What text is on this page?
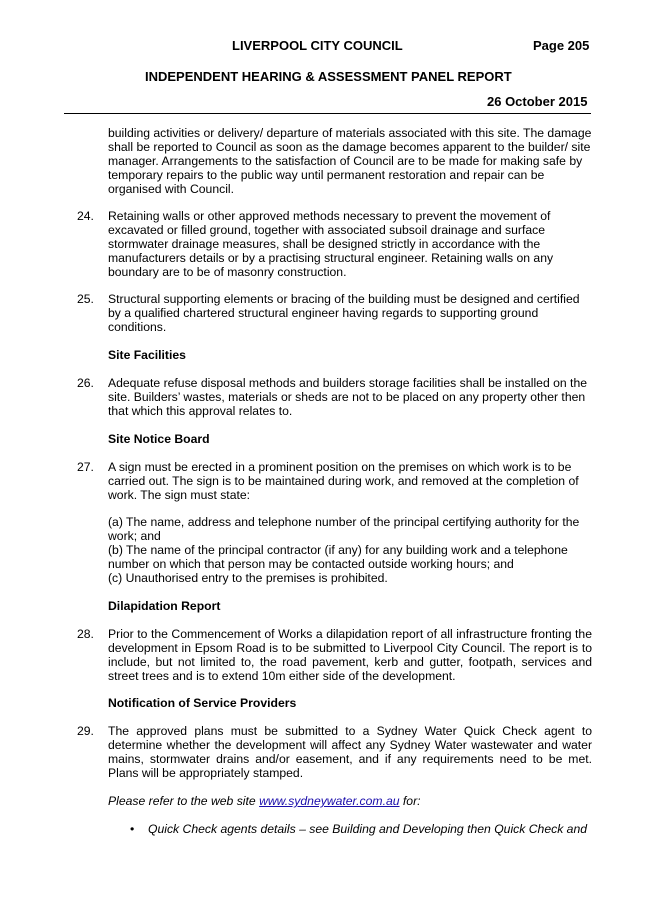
LIVERPOOL CITY COUNCIL	Page 205
INDEPENDENT HEARING & ASSESSMENT PANEL REPORT
26 October 2015
building activities or delivery/ departure of materials associated with this site. The damage shall be reported to Council as soon as the damage becomes apparent to the builder/ site manager. Arrangements to the satisfaction of Council are to be made for making safe by temporary repairs to the public way until permanent restoration and repair can be organised with Council.
24. Retaining walls or other approved methods necessary to prevent the movement of excavated or filled ground, together with associated subsoil drainage and surface stormwater drainage measures, shall be designed strictly in accordance with the manufacturers details or by a practising structural engineer. Retaining walls on any boundary are to be of masonry construction.
25. Structural supporting elements or bracing of the building must be designed and certified by a qualified chartered structural engineer having regards to supporting ground conditions.
Site Facilities
26. Adequate refuse disposal methods and builders storage facilities shall be installed on the site. Builders’ wastes, materials or sheds are not to be placed on any property other then that which this approval relates to.
Site Notice Board
27. A sign must be erected in a prominent position on the premises on which work is to be carried out. The sign is to be maintained during work, and removed at the completion of work. The sign must state:
(a) The name, address and telephone number of the principal certifying authority for the work; and
(b) The name of the principal contractor (if any) for any building work and a telephone number on which that person may be contacted outside working hours; and
(c) Unauthorised entry to the premises is prohibited.
Dilapidation Report
28. Prior to the Commencement of Works a dilapidation report of all infrastructure fronting the development in Epsom Road is to be submitted to Liverpool City Council. The report is to include, but not limited to, the road pavement, kerb and gutter, footpath, services and street trees and is to extend 10m either side of the development.
Notification of Service Providers
29. The approved plans must be submitted to a Sydney Water Quick Check agent to determine whether the development will affect any Sydney Water wastewater and water mains, stormwater drains and/or easement, and if any requirements need to be met. Plans will be appropriately stamped.
Please refer to the web site www.sydneywater.com.au for:
• Quick Check agents details – see Building and Developing then Quick Check and
